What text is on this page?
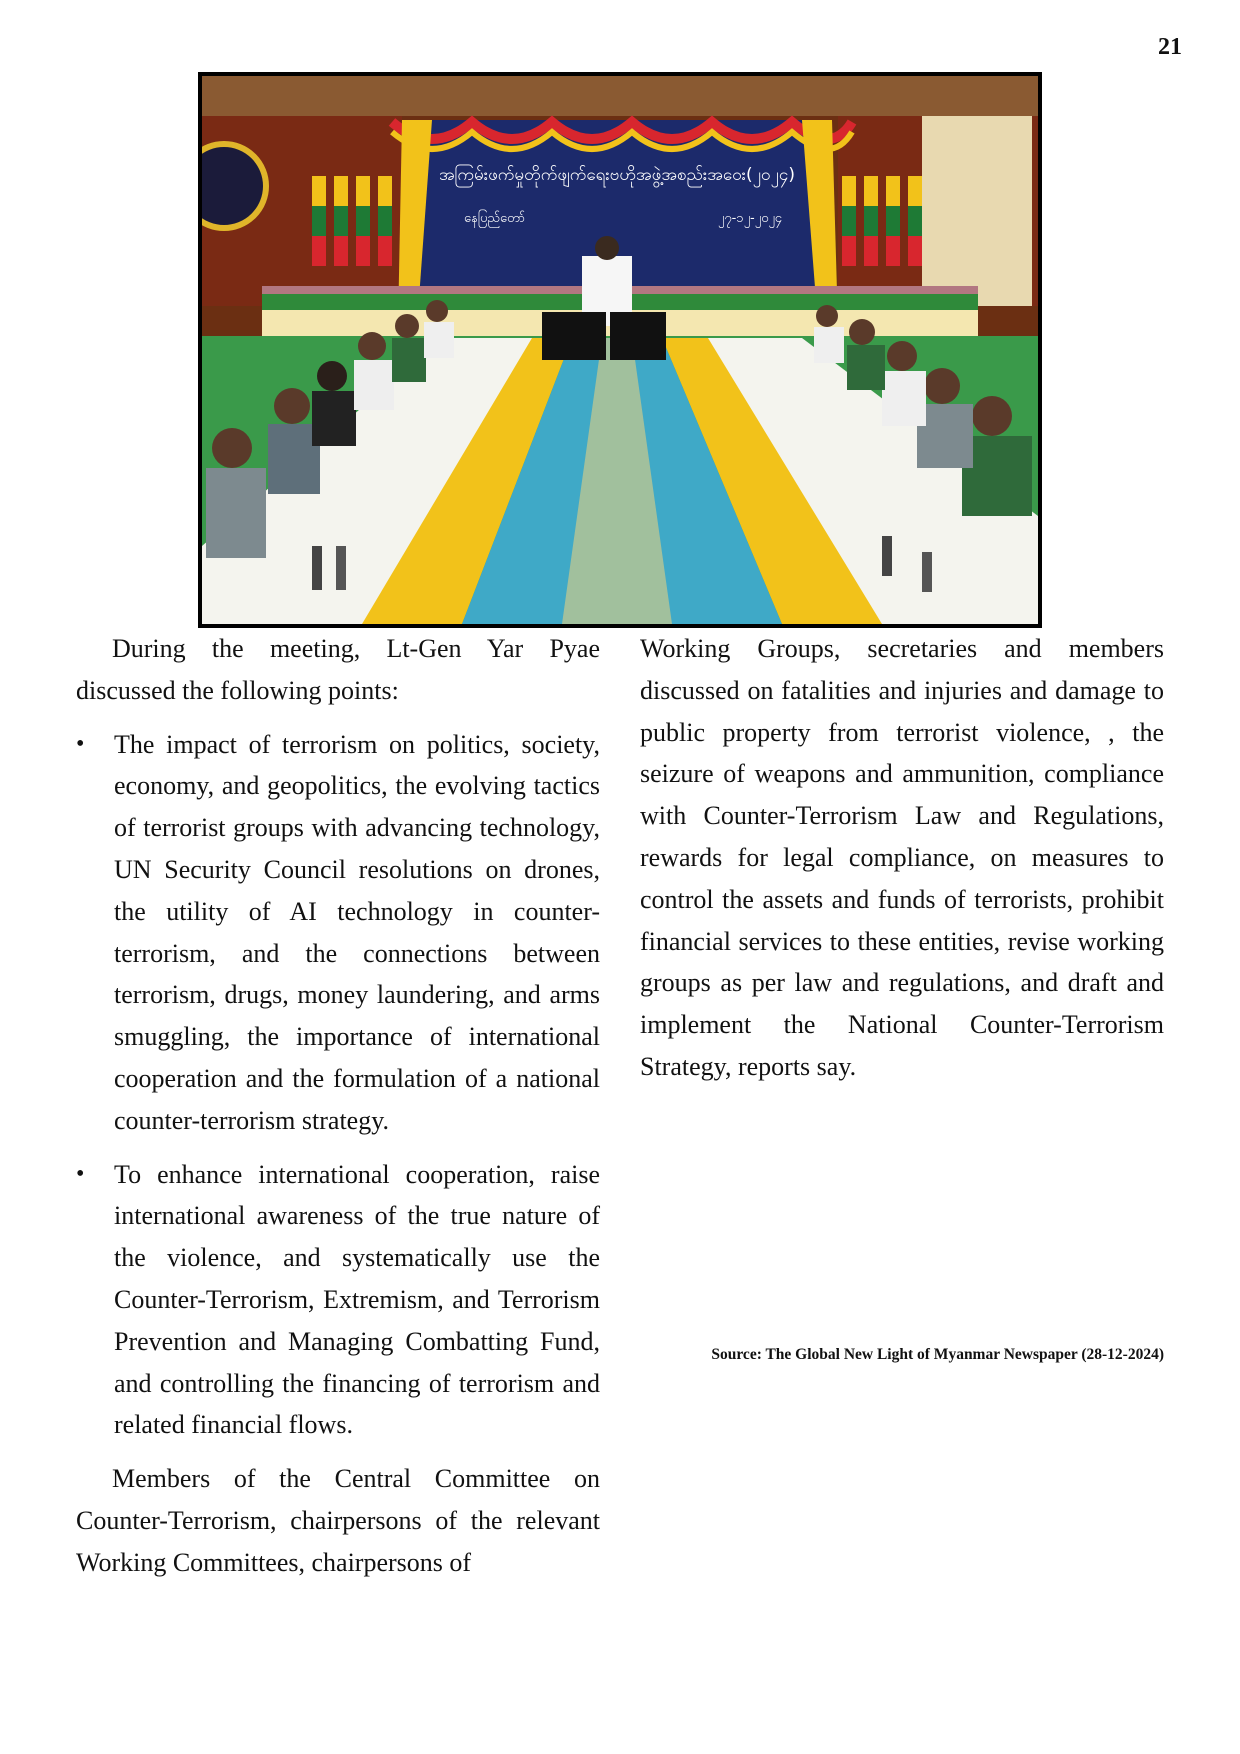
21
အကြမ်းဖက်မှုတိုက်ဖျက်ရေးဗဟိုအဖွဲ့အစည်းအဝေး(၂၀၂၄)
နေပြည်တော်	၂၇-၁၂-၂၀၂၄

During the meeting, Lt-Gen Yar Pyae discussed the following points:

• The impact of terrorism on politics, society, economy, and geopolitics, the evolving tactics of terrorist groups with advancing technology, UN Security Council resolutions on drones, the utility of AI technology in counter-terrorism, and the connections between terrorism, drugs, money laundering, and arms smuggling, the importance of international cooperation and the formulation of a national counter-terrorism strategy.
• To enhance international cooperation, raise international awareness of the true nature of the violence, and systematically use the Counter-Terrorism, Extremism, and Terrorism Prevention and Managing Combatting Fund, and controlling the financing of terrorism and related financial flows.

Members of the Central Committee on Counter-Terrorism, chairpersons of the relevant Working Committees, chairpersons of

Working Groups, secretaries and members discussed on fatalities and injuries and damage to public property from terrorist violence, , the seizure of weapons and ammunition, compliance with Counter-Terrorism Law and Regulations, rewards for legal compliance, on measures to control the assets and funds of terrorists, prohibit financial services to these entities, revise working groups as per law and regulations, and draft and implement the National Counter-Terrorism Strategy, reports say.

Source: The Global New Light of Myanmar Newspaper (28-12-2024)
